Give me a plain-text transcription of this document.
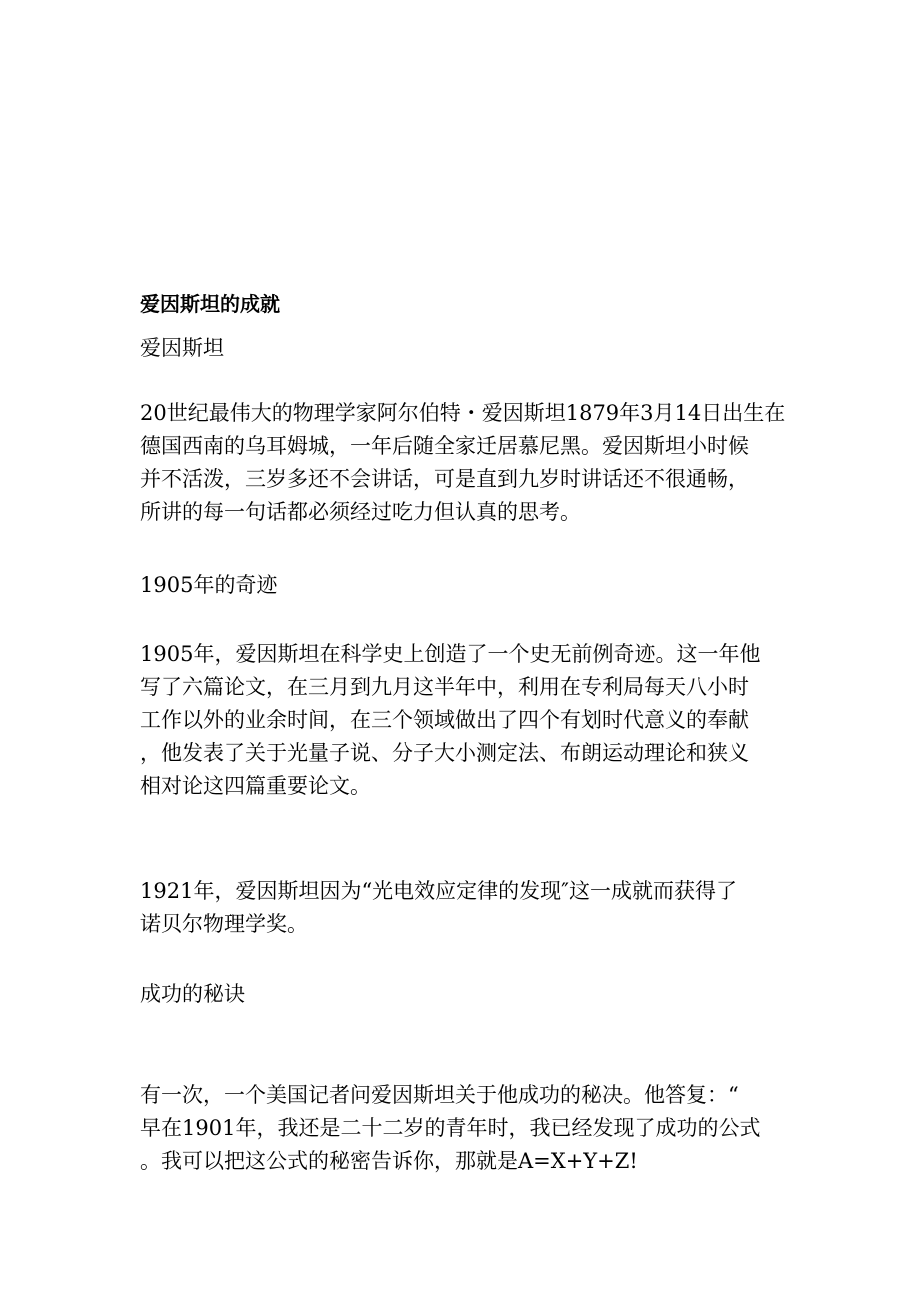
爱因斯坦的成就

爱因斯坦

20世纪最伟大的物理学家阿尔伯特・爱因斯坦1879年3月14日出生在
德国西南的乌耳姆城，一年后随全家迁居慕尼黑。爱因斯坦小时候
并不活泼，三岁多还不会讲话，可是直到九岁时讲话还不很通畅，
所讲的每一句话都必须经过吃力但认真的思考。

1905年的奇迹

1905年，爱因斯坦在科学史上创造了一个史无前例奇迹。这一年他
写了六篇论文，在三月到九月这半年中，利用在专利局每天八小时
工作以外的业余时间，在三个领域做出了四个有划时代意义的奉献
，他发表了关于光量子说、分子大小测定法、布朗运动理论和狭义
相对论这四篇重要论文。

1921年，爱因斯坦因为“光电效应定律的发现″这一成就而获得了
诺贝尔物理学奖。

成功的秘诀

有一次，一个美国记者问爱因斯坦关于他成功的秘决。他答复：“
早在1901年，我还是二十二岁的青年时，我已经发现了成功的公式
。我可以把这公式的秘密告诉你，那就是A=X+Y+Z!
